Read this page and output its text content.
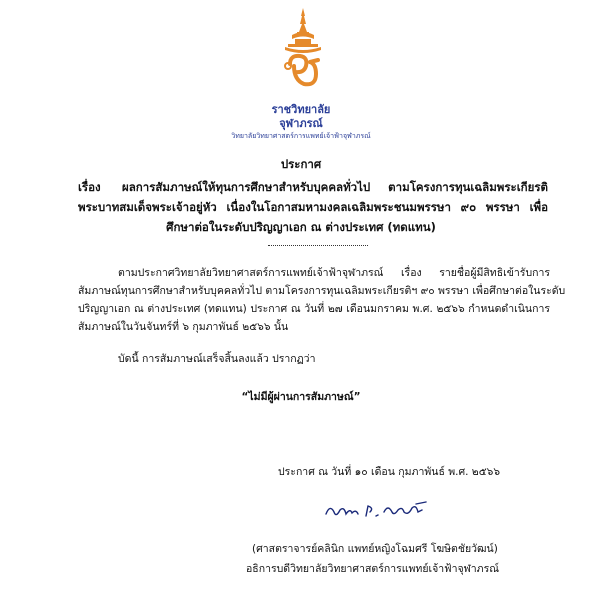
ราชวิทยาลัย
จุฬาภรณ์
วิทยาลัยวิทยาศาสตร์การแพทย์เจ้าฟ้าจุฬาภรณ์
ประกาศ
เรื่อง ผลการสัมภาษณ์ให้ทุนการศึกษาสำหรับบุคคลทั่วไป ตามโครงการทุนเฉลิมพระเกียรติ
พระบาทสมเด็จพระเจ้าอยู่หัว เนื่องในโอกาสมหามงคลเฉลิมพระชนมพรรษา ๙๐ พรรษา เพื่อ
ศึกษาต่อในระดับปริญญาเอก ณ ต่างประเทศ (ทดแทน)
ตามประกาศวิทยาลัยวิทยาศาสตร์การแพทย์เจ้าฟ้าจุฬาภรณ์ เรื่อง รายชื่อผู้มีสิทธิเข้ารับการ
สัมภาษณ์ทุนการศึกษาสำหรับบุคคลทั่วไป ตามโครงการทุนเฉลิมพระเกียรติฯ ๙๐ พรรษา เพื่อศึกษาต่อในระดับ
ปริญญาเอก ณ ต่างประเทศ (ทดแทน) ประกาศ ณ วันที่ ๒๗ เดือนมกราคม พ.ศ. ๒๕๖๖ กำหนดดำเนินการ
สัมภาษณ์ในวันจันทร์ที่ ๖ กุมภาพันธ์ ๒๕๖๖ นั้น
บัดนี้ การสัมภาษณ์เสร็จสิ้นลงแล้ว ปรากฏว่า
“ไม่มีผู้ผ่านการสัมภาษณ์”
ประกาศ ณ วันที่ ๑๐ เดือน กุมภาพันธ์ พ.ศ. ๒๕๖๖
(ศาสตราจารย์คลินิก แพทย์หญิงโฉมศรี โฆษิตชัยวัฒน์)
อธิการบดีวิทยาลัยวิทยาศาสตร์การแพทย์เจ้าฟ้าจุฬาภรณ์
